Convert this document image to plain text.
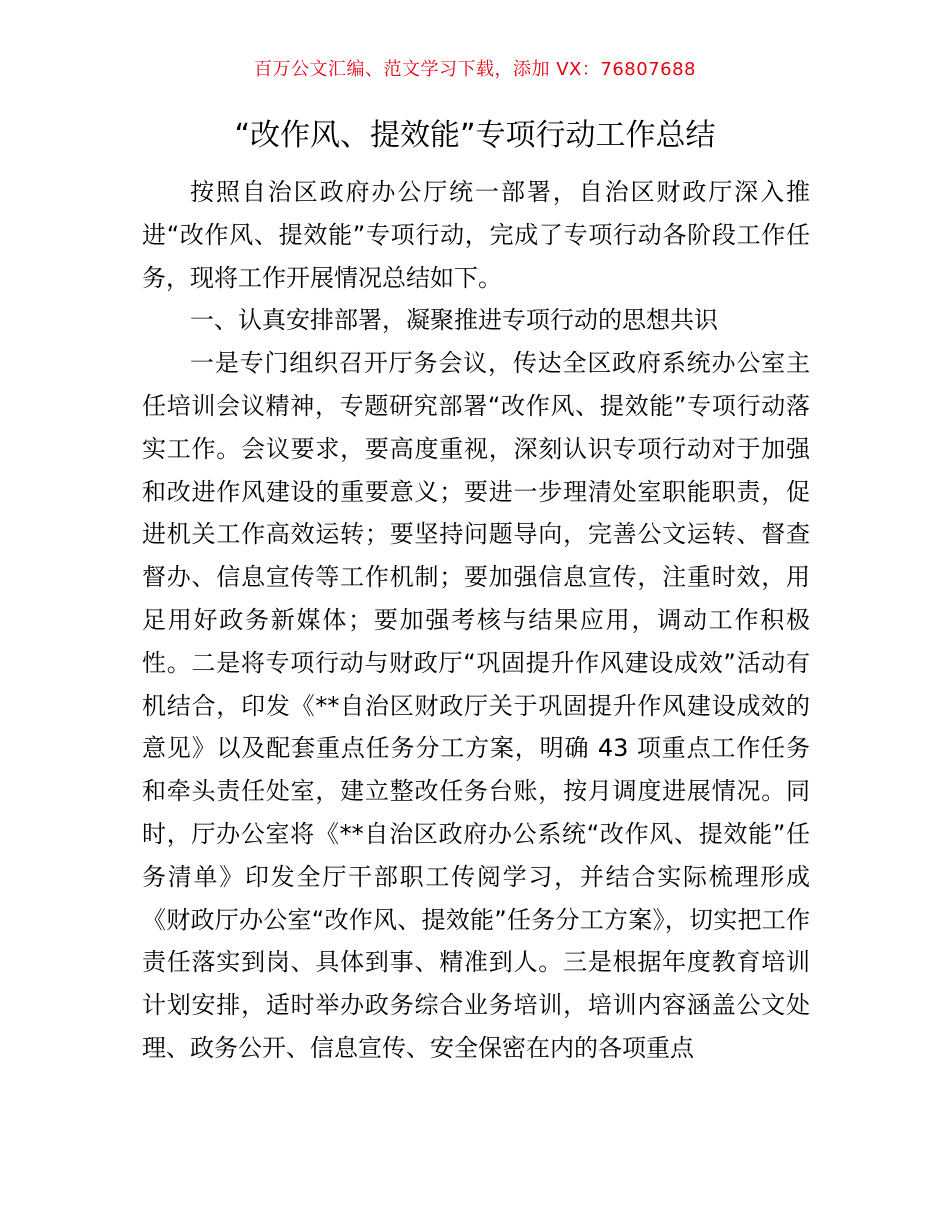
百万公文汇编、范文学习下载，添加 VX：76807688
“改作风、提效能”专项行动工作总结

按照自治区政府办公厅统一部署，自治区财政厅深入推进“改作风、提效能”专项行动，完成了专项行动各阶段工作任务，现将工作开展情况总结如下。

一、认真安排部署，凝聚推进专项行动的思想共识

一是专门组织召开厅务会议，传达全区政府系统办公室主任培训会议精神，专题研究部署“改作风、提效能”专项行动落实工作。会议要求，要高度重视，深刻认识专项行动对于加强和改进作风建设的重要意义；要进一步理清处室职能职责，促进机关工作高效运转；要坚持问题导向，完善公文运转、督查督办、信息宣传等工作机制；要加强信息宣传，注重时效，用足用好政务新媒体；要加强考核与结果应用，调动工作积极性。二是将专项行动与财政厅“巩固提升作风建设成效”活动有机结合，印发《**自治区财政厅关于巩固提升作风建设成效的意见》以及配套重点任务分工方案，明确 43 项重点工作任务和牵头责任处室，建立整改任务台账，按月调度进展情况。同时，厅办公室将《**自治区政府办公系统“改作风、提效能”任务清单》印发全厅干部职工传阅学习，并结合实际梳理形成《财政厅办公室“改作风、提效能”任务分工方案》，切实把工作责任落实到岗、具体到事、精准到人。三是根据年度教育培训计划安排，适时举办政务综合业务培训，培训内容涵盖公文处理、政务公开、信息宣传、安全保密在内的各项重点
